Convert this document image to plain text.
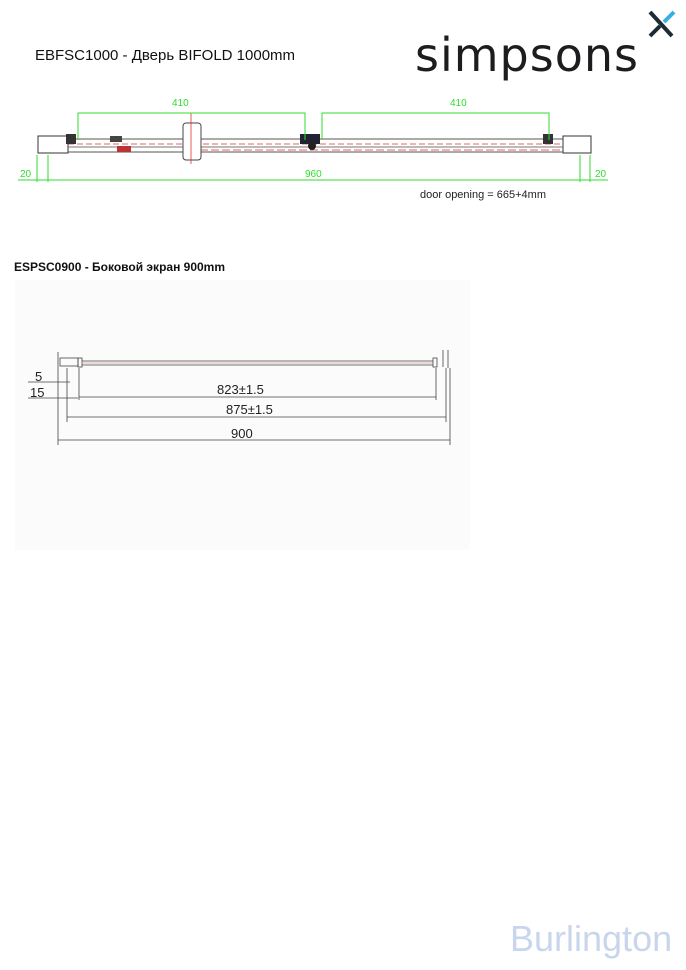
EBFSC1000 - Дверь BIFOLD 1000mm	simpsons
410	410
960
20	20
5
15	823±1.5
875±1.5
900
door opening = 665+4mm
ESPSC0900 - Боковой экран 900mm
Burlington
